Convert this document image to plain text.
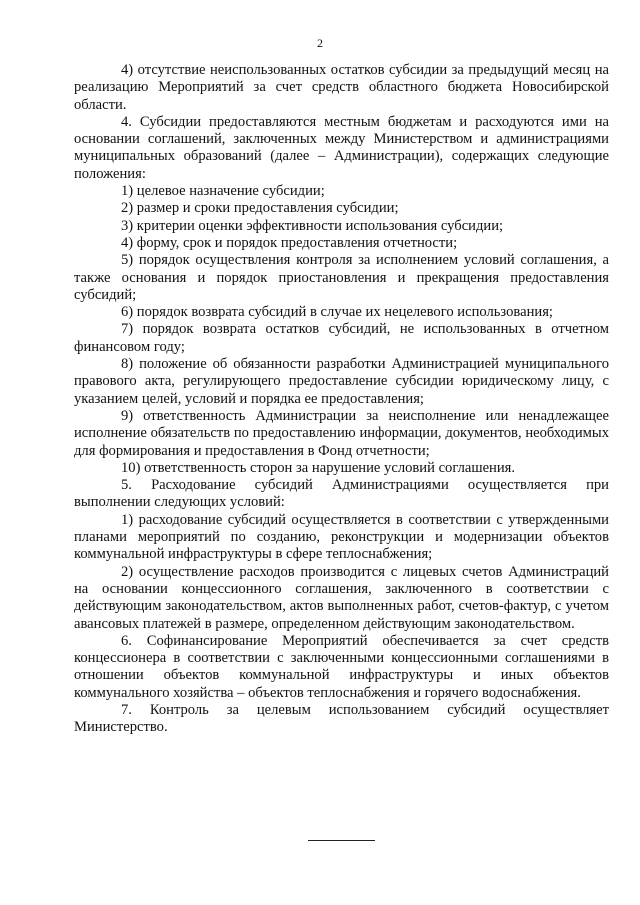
2

4) отсутствие неиспользованных остатков субсидии за предыдущий месяц на реализацию Мероприятий за счет средств областного бюджета Новосибирской области.

4. Субсидии предоставляются местным бюджетам и расходуются ими на основании соглашений, заключенных между Министерством и администрациями муниципальных образований (далее – Администрации), содержащих следующие положения:

1) целевое назначение субсидии;

2) размер и сроки предоставления субсидии;

3) критерии оценки эффективности использования субсидии;

4) форму, срок и порядок предоставления отчетности;

5) порядок осуществления контроля за исполнением условий соглашения, а также основания и порядок приостановления и прекращения предоставления субсидий;

6) порядок возврата субсидий в случае их нецелевого использования;

7) порядок возврата остатков субсидий, не использованных в отчетном финансовом году;

8) положение об обязанности разработки Администрацией муниципального правового акта, регулирующего предоставление субсидии юридическому лицу, с указанием целей, условий и порядка ее предоставления;

9) ответственность Администрации за неисполнение или ненадлежащее исполнение обязательств по предоставлению информации, документов, необходимых для формирования и предоставления в Фонд отчетности;

10) ответственность сторон за нарушение условий соглашения.

5. Расходование субсидий Администрациями осуществляется при выполнении следующих условий:

1) расходование субсидий осуществляется в соответствии с утвержденными планами мероприятий по созданию, реконструкции и модернизации объектов коммунальной инфраструктуры в сфере теплоснабжения;

2) осуществление расходов производится с лицевых счетов Администраций на основании концессионного соглашения, заключенного в соответствии с действующим законодательством, актов выполненных работ, счетов-фактур, с учетом авансовых платежей в размере, определенном действующим законодательством.

6. Софинансирование Мероприятий обеспечивается за счет средств концессионера в соответствии с заключенными концессионными соглашениями в отношении объектов коммунальной инфраструктуры и иных объектов коммунального хозяйства – объектов теплоснабжения и горячего водоснабжения.

7. Контроль за целевым использованием субсидий осуществляет Министерство.
